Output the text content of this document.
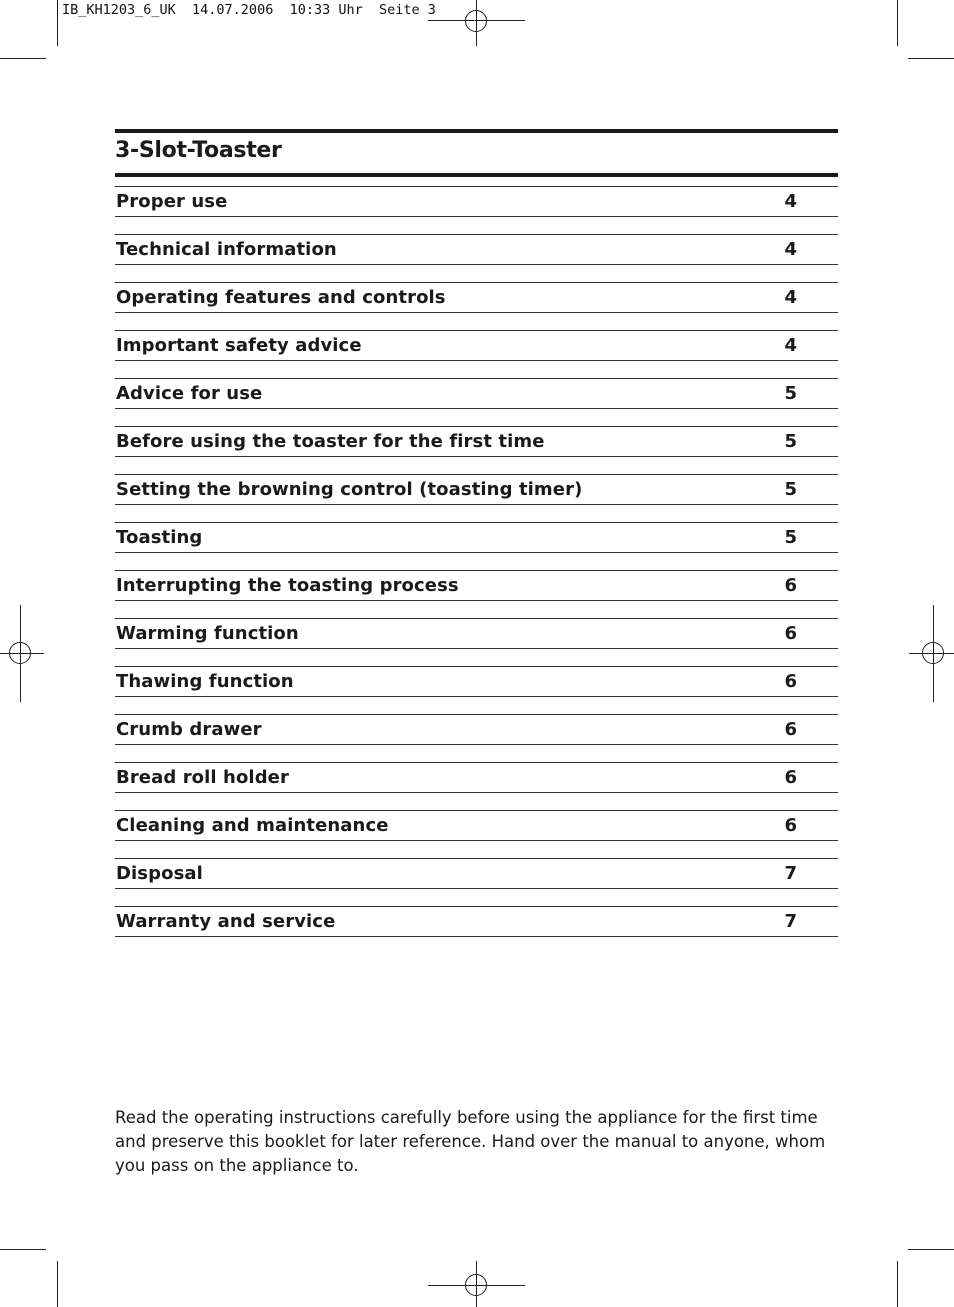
IB_KH1203_6_UK  14.07.2006  10:33 Uhr  Seite 3
3-Slot-Toaster
Proper use	4
Technical information	4
Operating features and controls	4
Important safety advice	4
Advice for use	5
Before using the toaster for the first time	5
Setting the browning control (toasting timer)	5
Toasting	5
Interrupting the toasting process	6
Warming function	6
Thawing function	6
Crumb drawer	6
Bread roll holder	6
Cleaning and maintenance	6
Disposal	7
Warranty and service	7
Read the operating instructions carefully before using the appliance for the first time and preserve this booklet for later reference. Hand over the manual to anyone, whom you pass on the appliance to.
